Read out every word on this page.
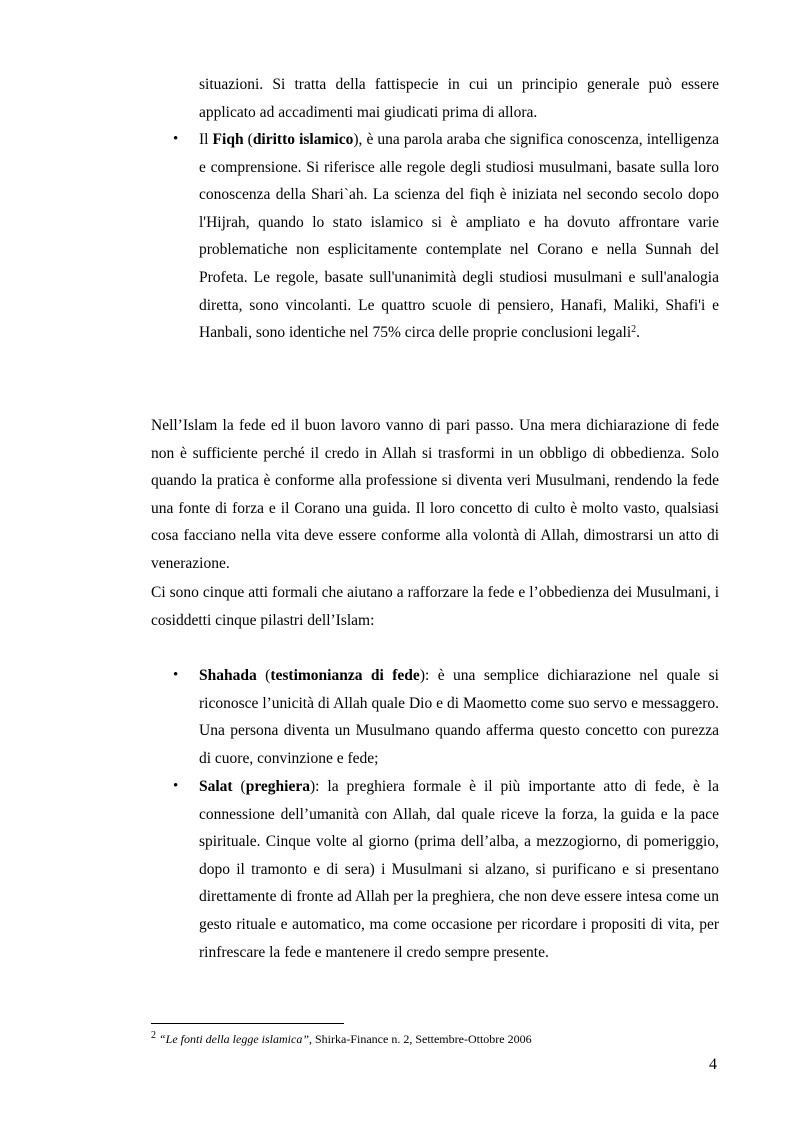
situazioni. Si tratta della fattispecie in cui un principio generale può essere applicato ad accadimenti mai giudicati prima di allora.
• Il Fiqh (diritto islamico), è una parola araba che significa conoscenza, intelligenza e comprensione. Si riferisce alle regole degli studiosi musulmani, basate sulla loro conoscenza della Shari`ah. La scienza del fiqh è iniziata nel secondo secolo dopo l'Hijrah, quando lo stato islamico si è ampliato e ha dovuto affrontare varie problematiche non esplicitamente contemplate nel Corano e nella Sunnah del Profeta. Le regole, basate sull'unanimità degli studiosi musulmani e sull'analogia diretta, sono vincolanti. Le quattro scuole di pensiero, Hanafi, Maliki, Shafi'i e Hanbali, sono identiche nel 75% circa delle proprie conclusioni legali$^2$.
Nell’Islam la fede ed il buon lavoro vanno di pari passo. Una mera dichiarazione di fede non è sufficiente perché il credo in Allah si trasformi in un obbligo di obbedienza. Solo quando la pratica è conforme alla professione si diventa veri Musulmani, rendendo la fede una fonte di forza e il Corano una guida. Il loro concetto di culto è molto vasto, qualsiasi cosa facciano nella vita deve essere conforme alla volontà di Allah, dimostrarsi un atto di venerazione.
Ci sono cinque atti formali che aiutano a rafforzare la fede e l’obbedienza dei Musulmani, i cosiddetti cinque pilastri dell’Islam:
• Shahada (testimonianza di fede): è una semplice dichiarazione nel quale si riconosce l’unicità di Allah quale Dio e di Maometto come suo servo e messaggero. Una persona diventa un Musulmano quando afferma questo concetto con purezza di cuore, convinzione e fede;
• Salat (preghiera): la preghiera formale è il più importante atto di fede, è la connessione dell’umanità con Allah, dal quale riceve la forza, la guida e la pace spirituale. Cinque volte al giorno (prima dell’alba, a mezzogiorno, di pomeriggio, dopo il tramonto e di sera) i Musulmani si alzano, si purificano e si presentano direttamente di fronte ad Allah per la preghiera, che non deve essere intesa come un gesto rituale e automatico, ma come occasione per ricordare i propositi di vita, per rinfrescare la fede e mantenere il credo sempre presente.
$^2$ “Le fonti della legge islamica”, Shirka-Finance n. 2, Settembre-Ottobre 2006
4
